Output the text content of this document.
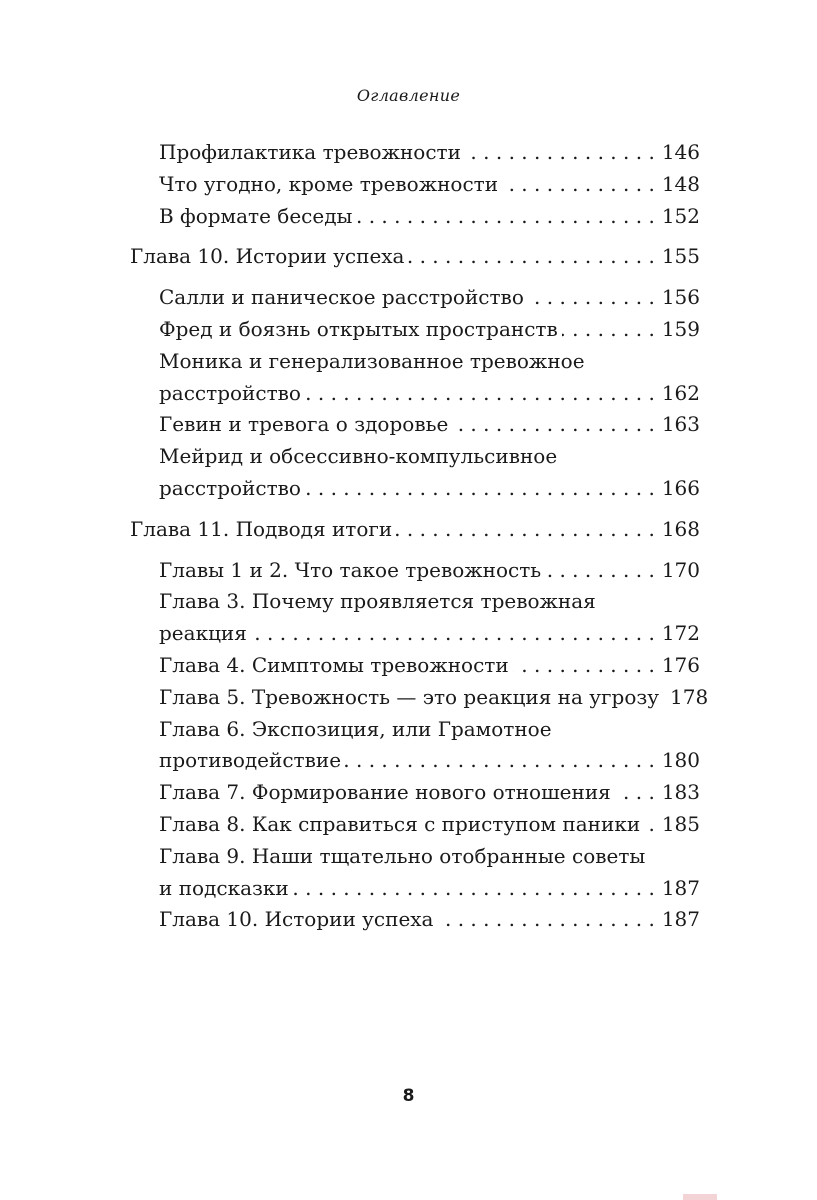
Оглавление
Профилактика тревожности . . .	146
Что угодно, кроме тревожности . . .	148
В формате беседы . . .	152
Глава 10. Истории успеха . . .	155
Салли и паническое расстройство . . .	156
Фред и боязнь открытых пространств . . .	159
Моника и генерализованное тревожное
расстройство . . .	162
Гевин и тревога о здоровье . . .	163
Мейрид и обсессивно-компульсивное
расстройство . . .	166
Глава 11. Подводя итоги . . .	168
Главы 1 и 2. Что такое тревожность . . .	170
Глава 3. Почему проявляется тревожная
реакция . . .	172
Глава 4. Симптомы тревожности . . .	176
Глава 5. Тревожность — это реакция на угрозу 178
Глава 6. Экспозиция, или Грамотное
противодействие . . .	180
Глава 7. Формирование нового отношения . . .	183
Глава 8. Как справиться с приступом паники . . .	185
Глава 9. Наши тщательно отобранные советы
и подсказки . . .	187
Глава 10. Истории успеха . . .	187
8
